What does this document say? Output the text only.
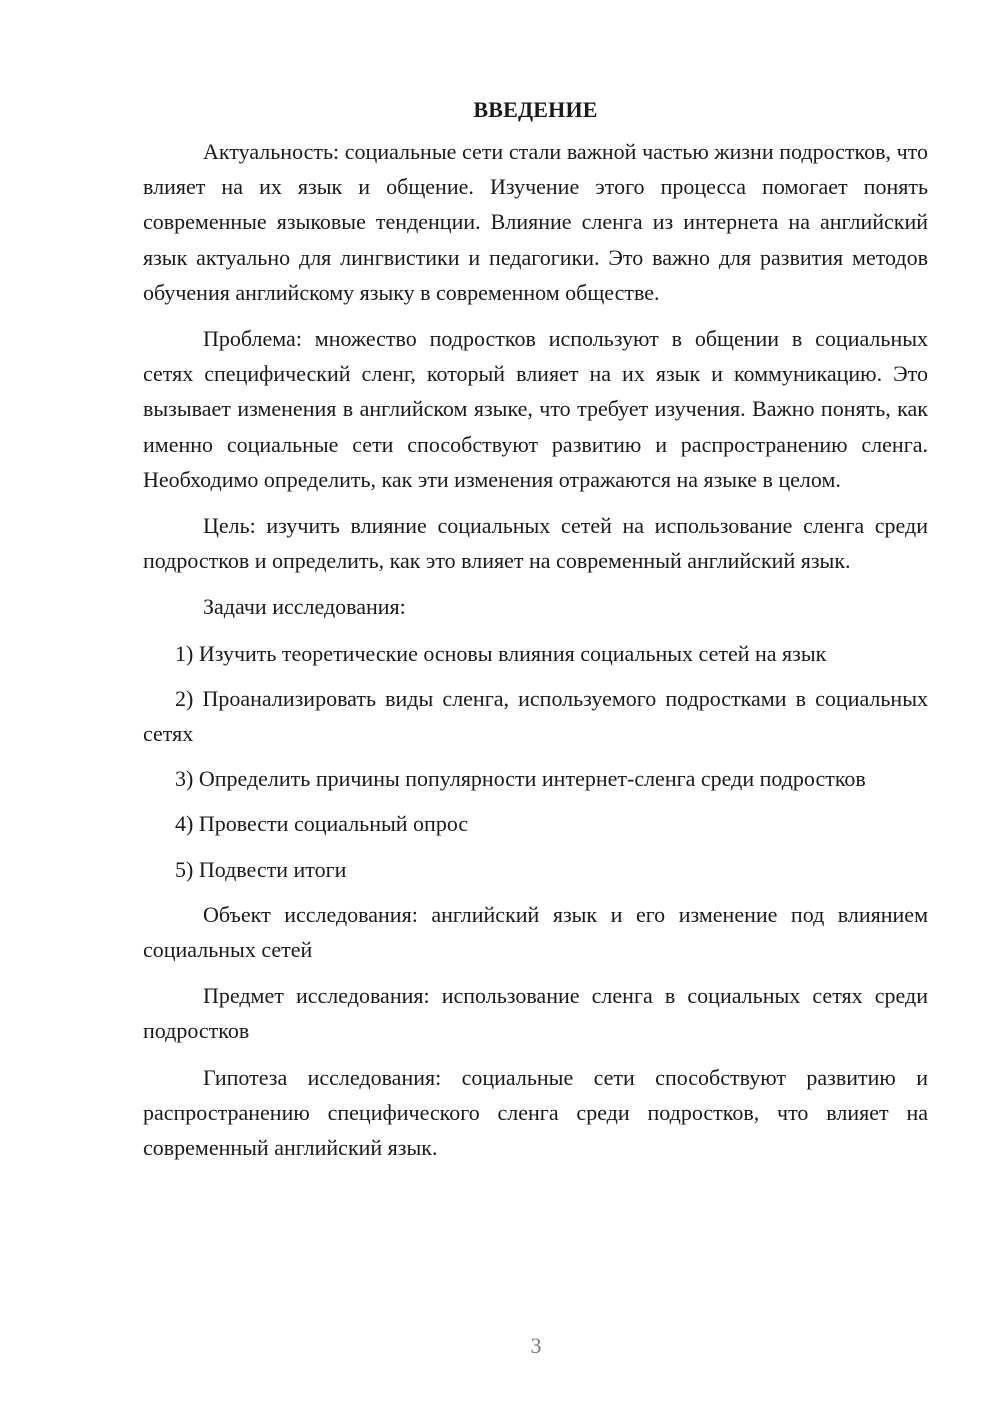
ВВЕДЕНИЕ

Актуальность: социальные сети стали важной частью жизни подростков, что влияет на их язык и общение. Изучение этого процесса помогает понять современные языковые тенденции. Влияние сленга из интернета на английский язык актуально для лингвистики и педагогики. Это важно для развития методов обучения английскому языку в современном обществе.

Проблема: множество подростков используют в общении в социальных сетях специфический сленг, который влияет на их язык и коммуникацию. Это вызывает изменения в английском языке, что требует изучения. Важно понять, как именно социальные сети способствуют развитию и распространению сленга. Необходимо определить, как эти изменения отражаются на языке в целом.

Цель: изучить влияние социальных сетей на использование сленга среди подростков и определить, как это влияет на современный английский язык.

Задачи исследования:

1) Изучить теоретические основы влияния социальных сетей на язык

2) Проанализировать виды сленга, используемого подростками в социальных сетях

3) Определить причины популярности интернет-сленга среди подростков

4) Провести социальный опрос

5) Подвести итоги

Объект исследования: английский язык и его изменение под влиянием социальных сетей

Предмет исследования: использование сленга в социальных сетях среди подростков

Гипотеза исследования: социальные сети способствуют развитию и распространению специфического сленга среди подростков, что влияет на современный английский язык.

3
